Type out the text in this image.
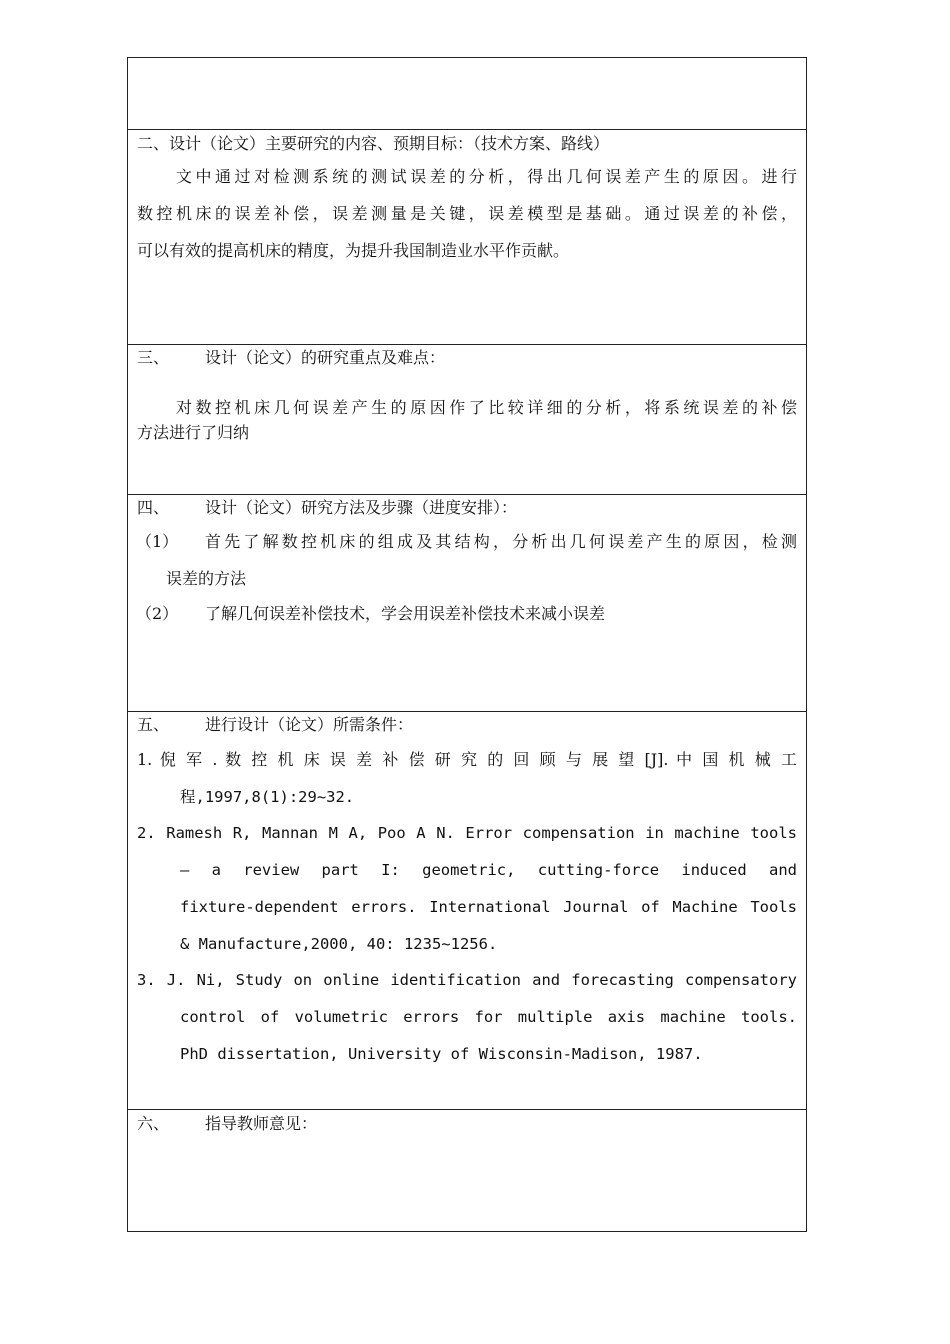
二、设计（论文）主要研究的内容、预期目标：（技术方案、路线）
文中通过对检测系统的测试误差的分析，得出几何误差产生的原因。进行
数控机床的误差补偿，误差测量是关键，误差模型是基础。通过误差的补偿，
可以有效的提高机床的精度，为提升我国制造业水平作贡献。
三、 设计（论文）的研究重点及难点：
对数控机床几何误差产生的原因作了比较详细的分析，将系统误差的补偿
方法进行了归纳
四、 设计（论文）研究方法及步骤（进度安排）：
（1）	首先了解数控机床的组成及其结构，分析出几何误差产生的原因，检测
误差的方法
（2）	了解几何误差补偿技术，学会用误差补偿技术来减小误差
五、 进行设计（论文）所需条件：
1. 倪 军 . 数 控 机 床 误 差 补 偿 研 究 的 回 顾 与 展 望 [J]. 中 国 机 械 工
程,1997,8(1):29~32.
2. Ramesh R, Mannan M A, Poo A N. Error compensation in machine tools
— a review part I: geometric, cutting-force induced and
fixture-dependent errors. International Journal of Machine Tools
& Manufacture,2000, 40: 1235~1256.
3. J. Ni, Study on online identification and forecasting compensatory
control of volumetric errors for multiple axis machine tools.
PhD dissertation, University of Wisconsin-Madison, 1987.
六、 指导教师意见：
